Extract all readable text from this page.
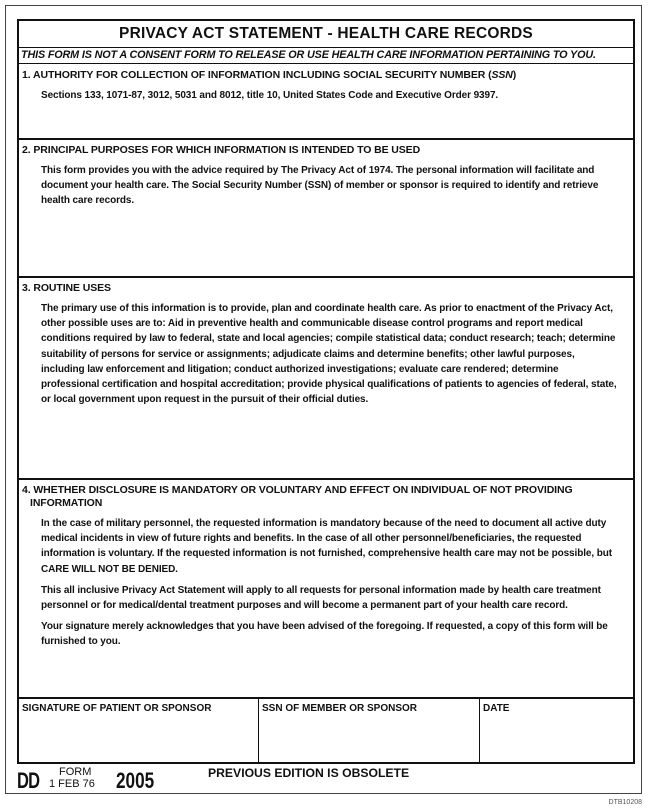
PRIVACY ACT STATEMENT - HEALTH CARE RECORDS
THIS FORM IS NOT A CONSENT FORM TO RELEASE OR USE HEALTH CARE INFORMATION PERTAINING TO YOU.
1. AUTHORITY FOR COLLECTION OF INFORMATION INCLUDING SOCIAL SECURITY NUMBER (SSN)

Sections 133, 1071-87, 3012, 5031 and 8012, title 10, United States Code and Executive Order 9397.

2. PRINCIPAL PURPOSES FOR WHICH INFORMATION IS INTENDED TO BE USED

This form provides you with the advice required by The Privacy Act of 1974. The personal information will facilitate and document your health care. The Social Security Number (SSN) of member or sponsor is required to identify and retrieve health care records.

3. ROUTINE USES

The primary use of this information is to provide, plan and coordinate health care. As prior to enactment of the Privacy Act, other possible uses are to: Aid in preventive health and communicable disease control programs and report medical conditions required by law to federal, state and local agencies; compile statistical data; conduct research; teach; determine suitability of persons for service or assignments; adjudicate claims and determine benefits; other lawful purposes, including law enforcement and litigation; conduct authorized investigations; evaluate care rendered; determine professional certification and hospital accreditation; provide physical qualifications of patients to agencies of federal, state, or local government upon request in the pursuit of their official duties.

4. WHETHER DISCLOSURE IS MANDATORY OR VOLUNTARY AND EFFECT ON INDIVIDUAL OF NOT PROVIDING
INFORMATION

In the case of military personnel, the requested information is mandatory because of the need to document all active duty medical incidents in view of future rights and benefits. In the case of all other personnel/beneficiaries, the requested information is voluntary. If the requested information is not furnished, comprehensive health care may not be possible, but CARE WILL NOT BE DENIED.

This all inclusive Privacy Act Statement will apply to all requests for personal information made by health care treatment personnel or for medical/dental treatment purposes and will become a permanent part of your health care record.

Your signature merely acknowledges that you have been advised of the foregoing. If requested, a copy of this form will be furnished to you.

SIGNATURE OF PATIENT OR SPONSOR	SSN OF MEMBER OR SPONSOR	DATE
DD FORM
1 FEB 76 2005	PREVIOUS EDITION IS OBSOLETE
DTB10208
